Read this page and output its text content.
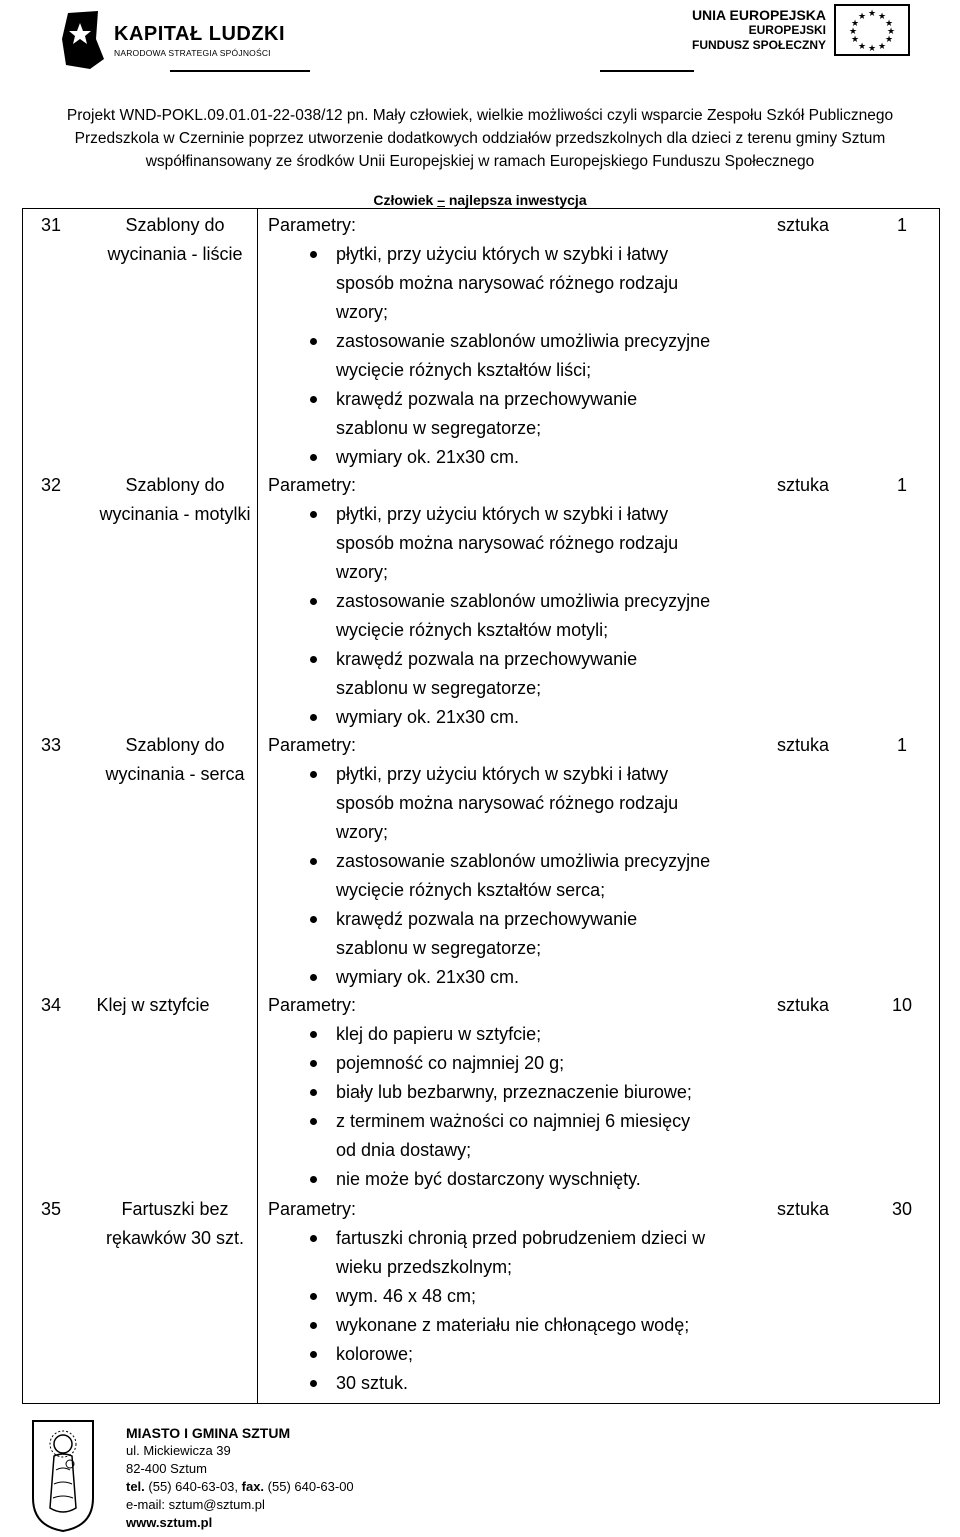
KAPITAŁ LUDZKI
NARODOWA STRATEGIA SPÓJNOŚCI
UNIA EUROPEJSKA
EUROPEJSKI
FUNDUSZ SPOŁECZNY
★ ★
★
★
★
★
★
★
★
★
★
★
Projekt WND-POKL.09.01.01-22-038/12 pn. Mały człowiek, wielkie możliwości czyli wsparcie Zespołu Szkół Publicznego
Przedszkola w Czerninie poprzez utworzenie dodatkowych oddziałów przedszkolnych dla dzieci z terenu gminy Sztum
współfinansowany ze środków Unii Europejskiej w ramach Europejskiego Funduszu Społecznego
Człowiek – najlepsza inwestycja
31	Szablony do
wycinania - liście
Parametry:
płytki, przy użyciu których w szybki i łatwy
sposób można narysować różnego rodzaju
wzory;
zastosowanie szablonów umożliwia precyzyjne
wycięcie różnych kształtów liści;
krawędź pozwala na przechowywanie
szablonu w segregatorze;
wymiary ok. 21x30 cm.
sztuka	1
32	Szablony do
wycinania - motylki
Parametry:
płytki, przy użyciu których w szybki i łatwy
sposób można narysować różnego rodzaju
wzory;
zastosowanie szablonów umożliwia precyzyjne
wycięcie różnych kształtów motyli;
krawędź pozwala na przechowywanie
szablonu w segregatorze;
wymiary ok. 21x30 cm.
sztuka	1
33	Szablony do
wycinania - serca
Parametry:
płytki, przy użyciu których w szybki i łatwy
sposób można narysować różnego rodzaju
wzory;
zastosowanie szablonów umożliwia precyzyjne
wycięcie różnych kształtów serca;
krawędź pozwala na przechowywanie
szablonu w segregatorze;
wymiary ok. 21x30 cm.
sztuka	1
34	Klej w sztyfcie	Parametry:
klej do papieru w sztyfcie;
pojemność co najmniej 20 g;
biały lub bezbarwny, przeznaczenie biurowe;
z terminem ważności co najmniej 6 miesięcy
od dnia dostawy;
nie może być dostarczony wyschnięty.
sztuka	10
35	Fartuszki bez
rękawków 30 szt.
Parametry:
fartuszki chronią przed pobrudzeniem dzieci w
wieku przedszkolnym;
wym. 46 x 48 cm;
wykonane z materiału nie chłonącego wodę;
kolorowe;
30 sztuk.
sztuka	30
MIASTO I GMINA SZTUM
ul. Mickiewicza 39
82-400 Sztum
tel. (55) 640-63-03, fax. (55) 640-63-00
e-mail: sztum@sztum.pl
www.sztum.pl
